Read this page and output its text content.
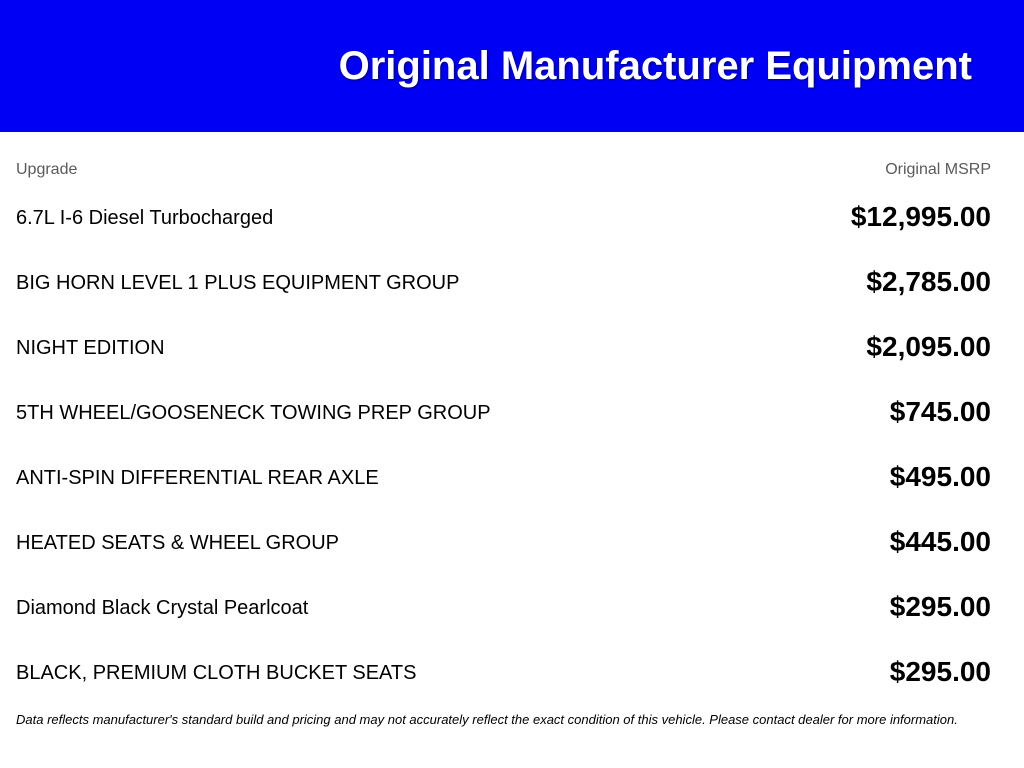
Original Manufacturer Equipment
Upgrade	Original MSRP
6.7L I-6 Diesel Turbocharged	$12,995.00
BIG HORN LEVEL 1 PLUS EQUIPMENT GROUP	$2,785.00
NIGHT EDITION	$2,095.00
5TH WHEEL/GOOSENECK TOWING PREP GROUP	$745.00
ANTI-SPIN DIFFERENTIAL REAR AXLE	$495.00
HEATED SEATS & WHEEL GROUP	$445.00
Diamond Black Crystal Pearlcoat	$295.00
BLACK, PREMIUM CLOTH BUCKET SEATS	$295.00
Data reflects manufacturer's standard build and pricing and may not accurately reflect the exact condition of this vehicle. Please contact dealer for more information.
